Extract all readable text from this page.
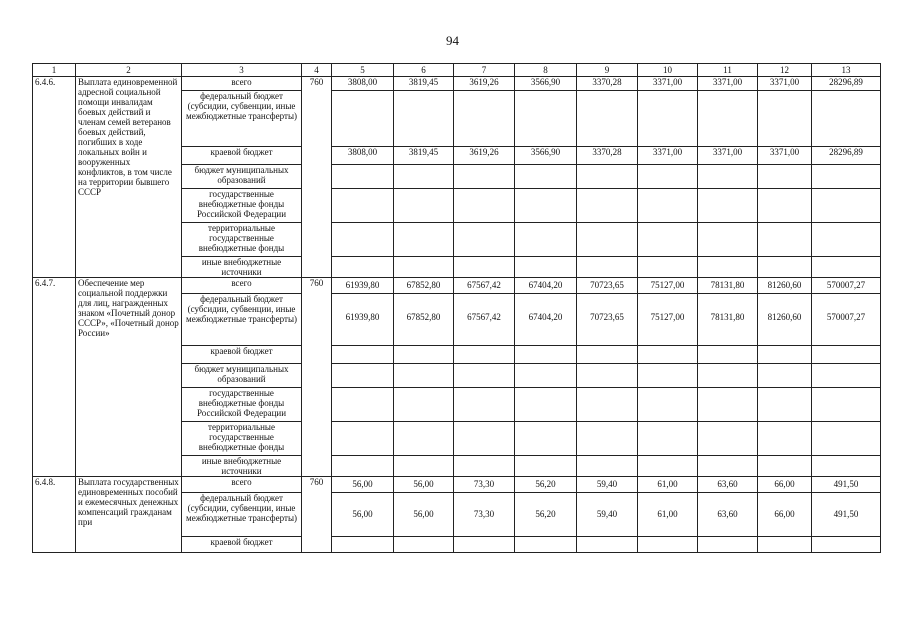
94
1	2	3	4	5	6	7	8	9	10	11	12	13
6.4.6.	Выплата единовременной адресной социальной помощи инвалидам боевых действий и членам семей ветеранов боевых действий, погибших в ходе локальных войн и вооруженных конфликтов, в том числе на территории бывшего СССР	всего	760	3808,00	3819,45	3619,26	3566,90	3370,28	3371,00	3371,00	3371,00	28296,89
		федеральный бюджет (субсидии, субвенции, иные межбюджетные трансферты)										
		краевой бюджет		3808,00	3819,45	3619,26	3566,90	3370,28	3371,00	3371,00	3371,00	28296,89
		бюджет муниципальных образований										
		государственные внебюджетные фонды Российской Федерации										
		территориальные государственные внебюджетные фонды										
		иные внебюджетные источники										
6.4.7.	Обеспечение мер социальной поддержки для лиц, награжденных знаком «Почетный донор СССР», «Почетный донор России»	всего	760	61939,80	67852,80	67567,42	67404,20	70723,65	75127,00	78131,80	81260,60	570007,27
		федеральный бюджет (субсидии, субвенции, иные межбюджетные трансферты)		61939,80	67852,80	67567,42	67404,20	70723,65	75127,00	78131,80	81260,60	570007,27
		краевой бюджет										
		бюджет муниципальных образований										
		государственные внебюджетные фонды Российской Федерации										
		территориальные государственные внебюджетные фонды										
		иные внебюджетные источники										
6.4.8.	Выплата государственных единовременных пособий и ежемесячных денежных компенсаций гражданам при	всего	760	56,00	56,00	73,30	56,20	59,40	61,00	63,60	66,00	491,50
		федеральный бюджет (субсидии, субвенции, иные межбюджетные трансферты)		56,00	56,00	73,30	56,20	59,40	61,00	63,60	66,00	491,50
		краевой бюджет										
